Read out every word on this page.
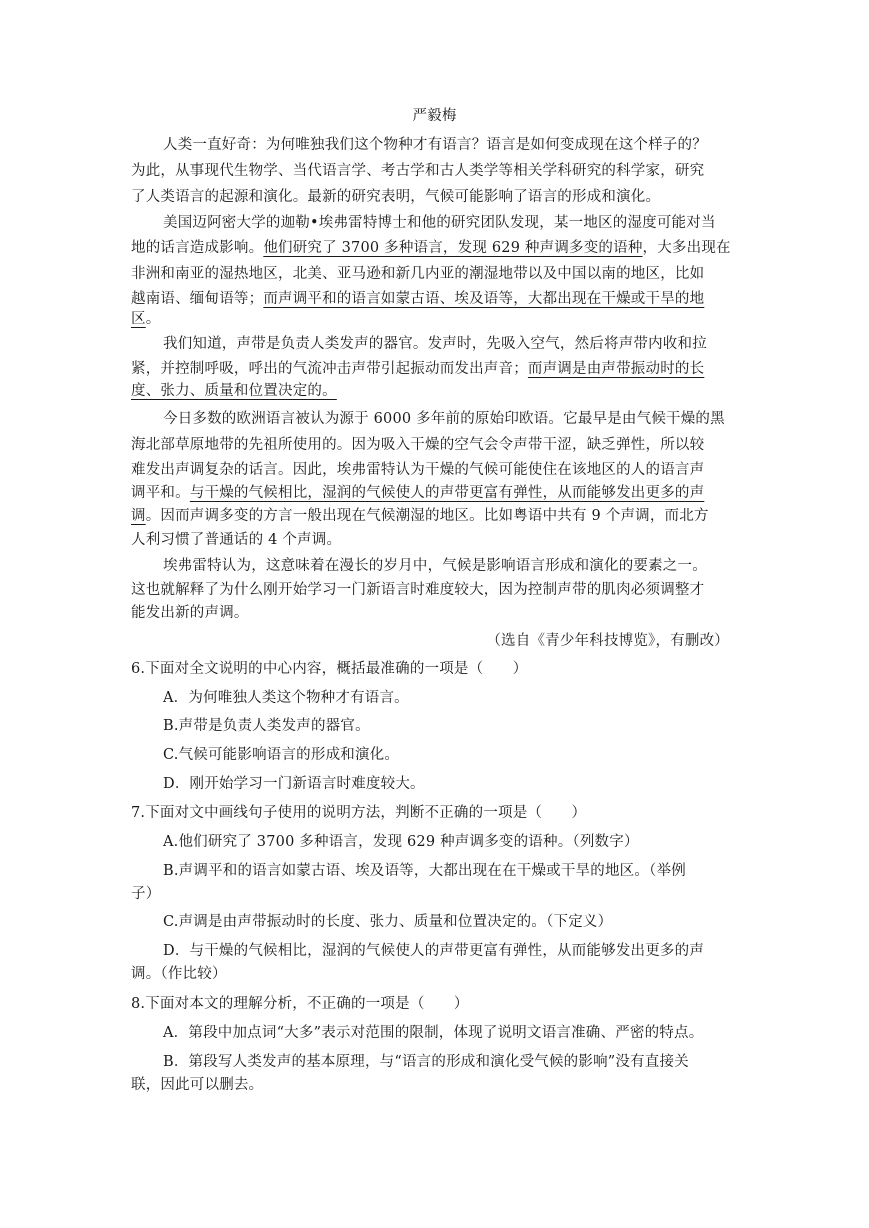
严毅梅
人类一直好奇：为何唯独我们这个物种才有语言？语言是如何变成现在这个样子的？
为此，从事现代生物学、当代语言学、考古学和古人类学等相关学科研究的科学家，研究
了人类语言的起源和演化。最新的研究表明，气候可能影响了语言的形成和演化。
美国迈阿密大学的迦勒•埃弗雷特博士和他的研究团队发现，某一地区的湿度可能对当
地的话言造成影响。他们研究了 3700 多种语言，发现 629 种声调多变的语种，大多出现在
非洲和南亚的湿热地区，北美、亚马逊和新几内亚的潮湿地带以及中国以南的地区，比如
越南语、缅甸语等；而声调平和的语言如蒙古语、埃及语等，大都出现在干燥或干旱的地
区。
我们知道，声带是负责人类发声的器官。发声时，先吸入空气，然后将声带内收和拉
紧，并控制呼吸，呼出的气流冲击声带引起振动而发出声音；而声调是由声带振动时的长
度、张力、质量和位置决定的。
今日多数的欧洲语言被认为源于 6000 多年前的原始印欧语。它最早是由气候干燥的黑
海北部草原地带的先祖所使用的。因为吸入干燥的空气会令声带干涩，缺乏弹性，所以较
难发出声调复杂的话言。因此，埃弗雷特认为干燥的气候可能使住在该地区的人的语言声
调平和。与干燥的气候相比，湿润的气候使人的声带更富有弹性，从而能够发出更多的声
调。因而声调多变的方言一般出现在气候潮湿的地区。比如粤语中共有 9 个声调，而北方
人利习惯了普通话的 4 个声调。
埃弗雷特认为，这意味着在漫长的岁月中，气候是影响语言形成和演化的要素之一。
这也就解释了为什么刚开始学习一门新语言时难度较大，因为控制声带的肌肉必须调整才
能发出新的声调。
（选自《青少年科技博览》，有删改）
6.下面对全文说明的中心内容，概括最准确的一项是（　　）
A．为何唯独人类这个物种才有语言。
B.声带是负责人类发声的器官。
C.气候可能影响语言的形成和演化。
D．刚开始学习一门新语言时难度较大。
7.下面对文中画线句子使用的说明方法，判断不正确的一项是（　　）
A.他们研究了 3700 多种语言，发现 629 种声调多变的语种。（列数字）
B.声调平和的语言如蒙古语、埃及语等，大都出现在在干燥或干旱的地区。（举例
子）
C.声调是由声带振动时的长度、张力、质量和位置决定的。（下定义）
D．与干燥的气候相比，湿润的气候使人的声带更富有弹性，从而能够发出更多的声
调。（作比较）
8.下面对本文的理解分析，不正确的一项是（　　）
A．第段中加点词“大多”表示对范围的限制，体现了说明文语言准确、严密的特点。
B．第段写人类发声的基本原理，与“语言的形成和演化受气候的影响”没有直接关
联，因此可以删去。
